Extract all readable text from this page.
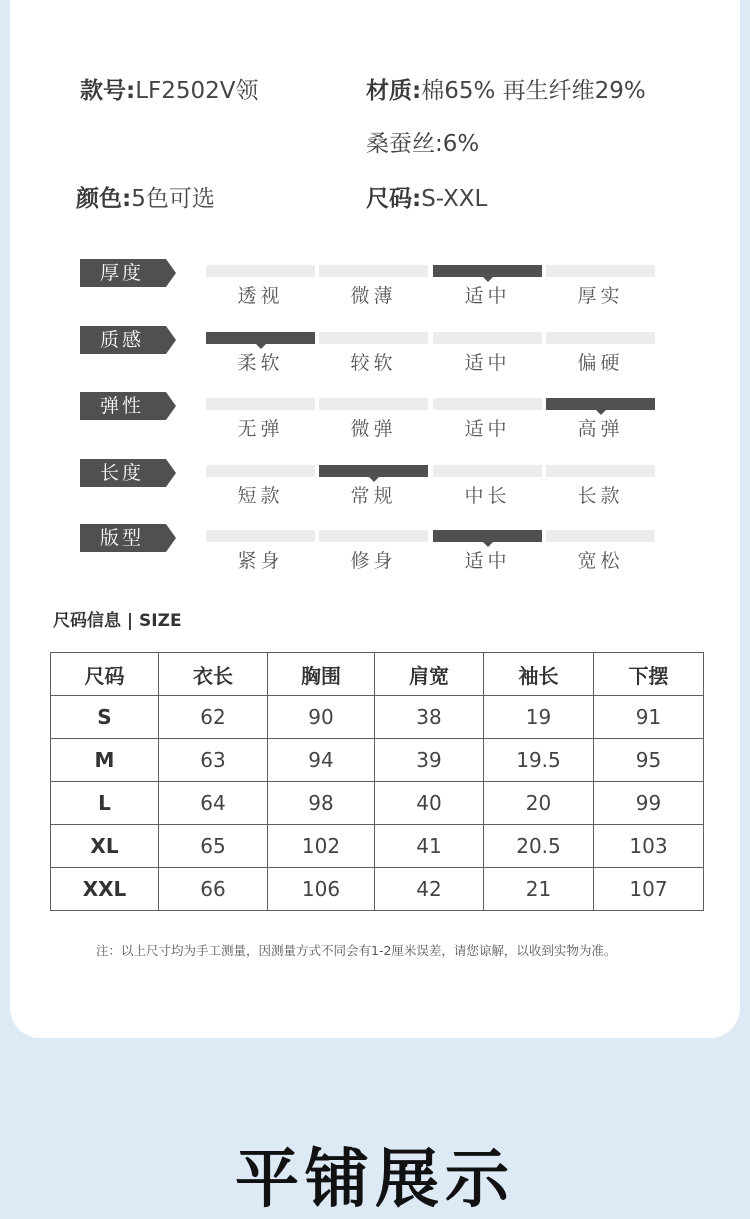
款号:LF2502V领	材质:棉65% 再生纤维29%
桑蚕丝:6%
颜色:5色可选	尺码:S-XXL
厚度
透视	微薄	适中	厚实
质感
柔软	较软	适中	偏硬
弹性
无弹	微弹	适中	高弹
长度
短款	常规	中长	长款
版型
紧身	修身	适中	宽松
尺码信息 | SIZE
尺码	衣长	胸围	肩宽	袖长	下摆
S	62	90	38	19	91
M	63	94	39	19.5	95
L	64	98	40	20	99
XL	65	102	41	20.5	103
XXL	66	106	42	21	107
注：以上尺寸均为手工测量，因测量方式不同会有1-2厘米误差，请您谅解，以收到实物为准。
平铺展示
